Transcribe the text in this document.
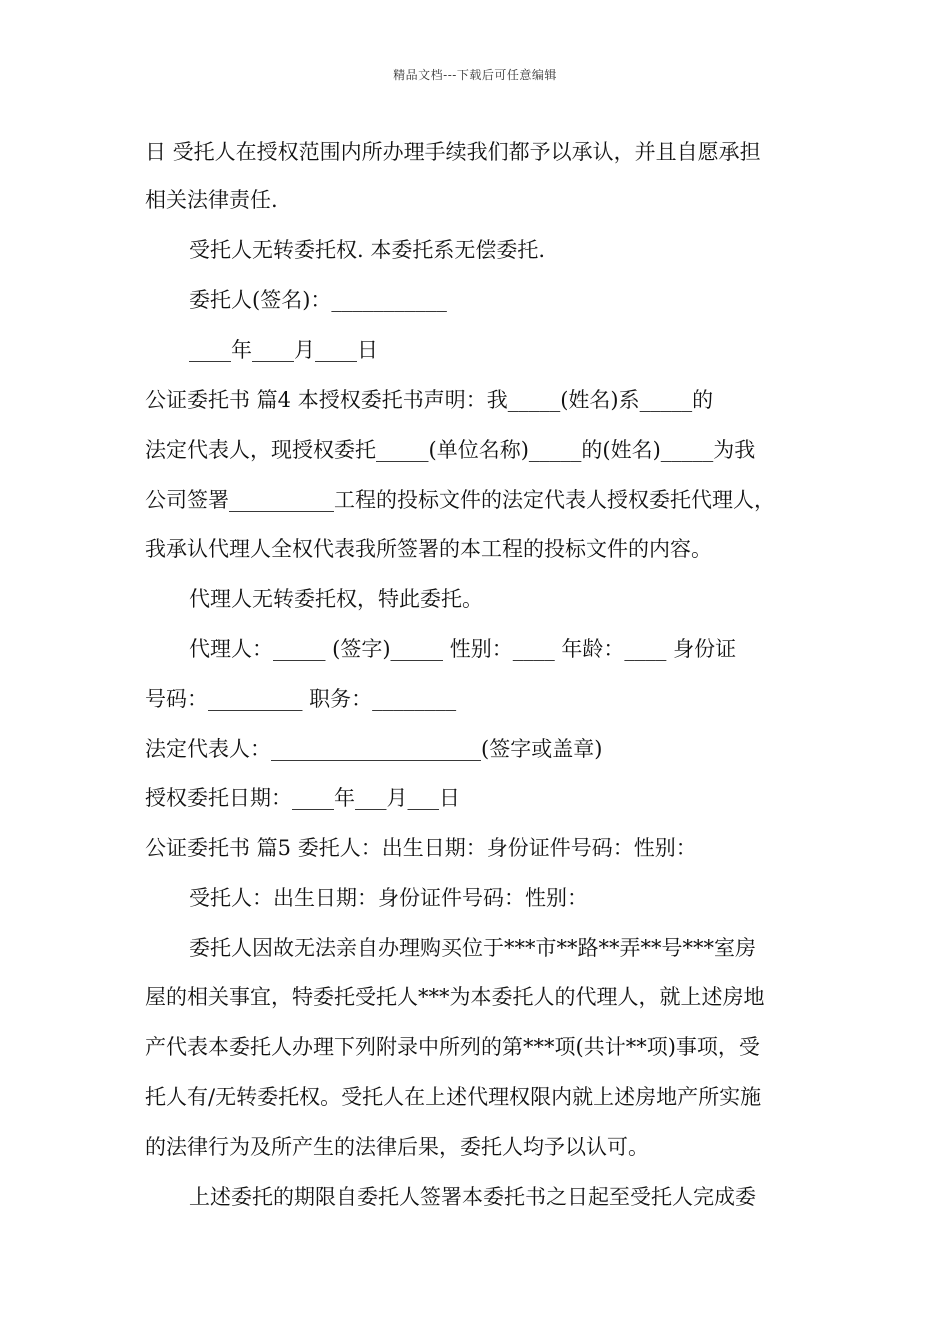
精品文档---下载后可任意编辑
日 受托人在授权范围内所办理手续我们都予以承认，并且自愿承担
相关法律责任.
受托人无转委托权. 本委托系无偿委托.
委托人(签名)：___________
____年____月____日
公证委托书 篇4 本授权委托书声明：我_____(姓名)系_____的
法定代表人，现授权委托_____(单位名称)_____的(姓名)_____为我
公司签署__________工程的投标文件的法定代表人授权委托代理人，
我承认代理人全权代表我所签署的本工程的投标文件的内容。
代理人无转委托权，特此委托。
代理人：_____ (签字)_____ 性别：____ 年龄：____ 身份证
号码：_________ 职务：________
法定代表人：____________________(签字或盖章)
授权委托日期：____年___月___日
公证委托书 篇5 委托人：出生日期：身份证件号码：性别：
受托人：出生日期：身份证件号码：性别：
委托人因故无法亲自办理购买位于***市**路**弄**号***室房
屋的相关事宜，特委托受托人***为本委托人的代理人，就上述房地
产代表本委托人办理下列附录中所列的第***项(共计**项)事项，受
托人有/无转委托权。受托人在上述代理权限内就上述房地产所实施
的法律行为及所产生的法律后果，委托人均予以认可。
上述委托的期限自委托人签署本委托书之日起至受托人完成委
